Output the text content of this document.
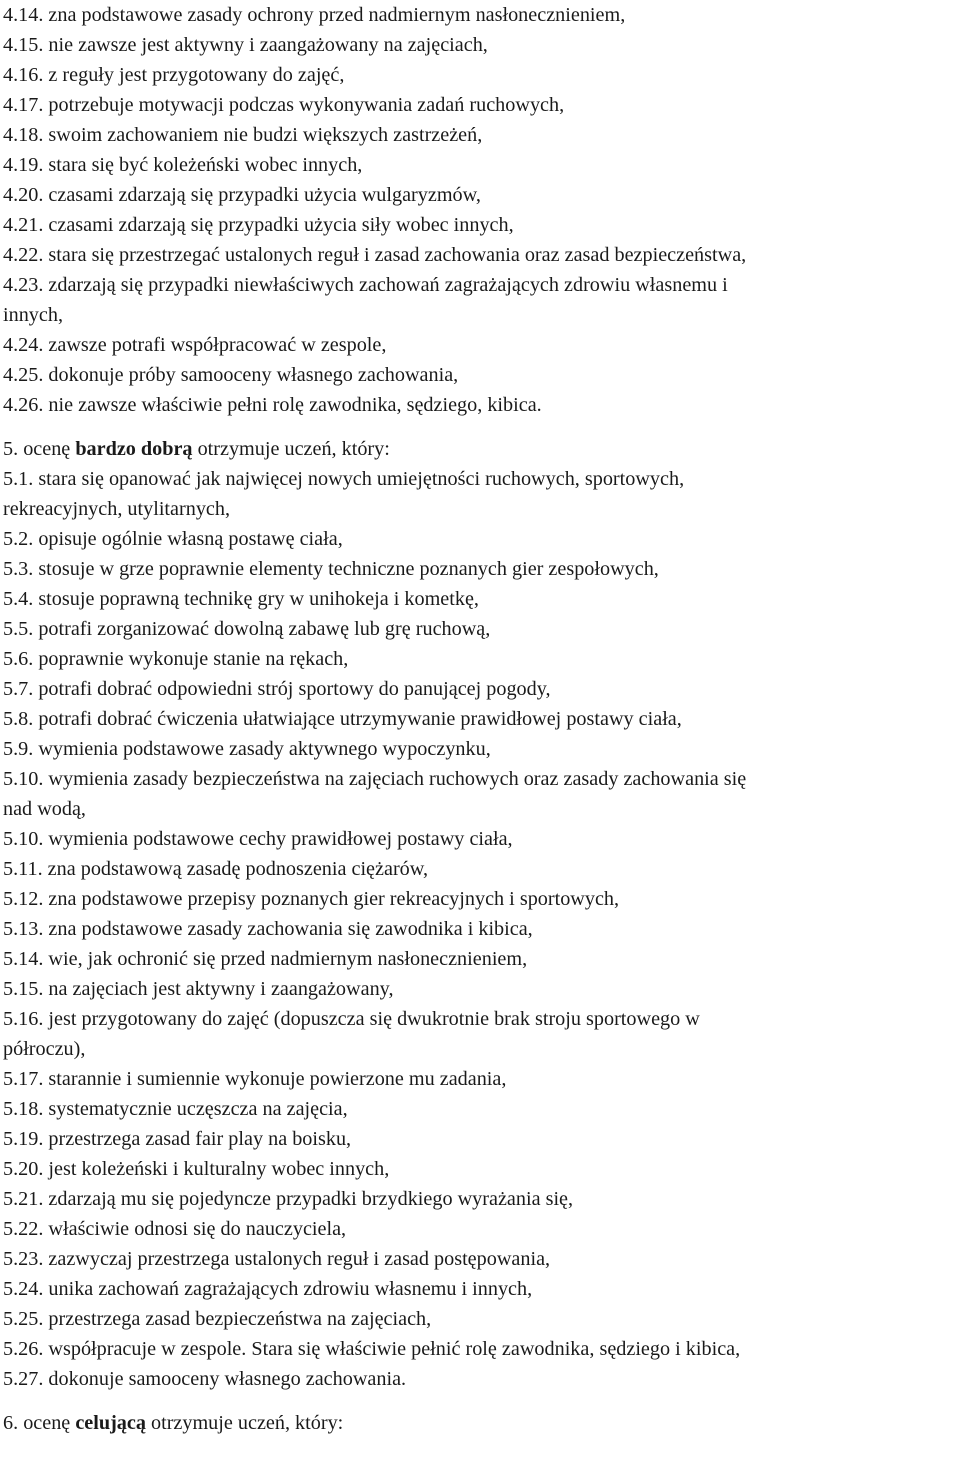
4.14. zna podstawowe zasady ochrony przed nadmiernym nasłonecznieniem,
4.15. nie zawsze jest aktywny i zaangażowany na zajęciach,
4.16. z reguły jest przygotowany do zajęć,
4.17. potrzebuje motywacji podczas wykonywania zadań ruchowych,
4.18. swoim zachowaniem nie budzi większych zastrzeżeń,
4.19. stara się być koleżeński wobec innych,
4.20. czasami zdarzają się przypadki użycia wulgaryzmów,
4.21. czasami zdarzają się przypadki użycia siły wobec innych,
4.22. stara się przestrzegać ustalonych reguł i zasad zachowania oraz zasad bezpieczeństwa,
4.23. zdarzają się przypadki niewłaściwych zachowań zagrażających zdrowiu własnemu i
innych,
4.24. zawsze potrafi współpracować w zespole,
4.25. dokonuje próby samooceny własnego zachowania,
4.26. nie zawsze właściwie pełni rolę zawodnika, sędziego, kibica.
5. ocenę bardzo dobrą otrzymuje uczeń, który:
5.1. stara się opanować jak najwięcej nowych umiejętności ruchowych, sportowych,
rekreacyjnych, utylitarnych,
5.2. opisuje ogólnie własną postawę ciała,
5.3. stosuje w grze poprawnie elementy techniczne poznanych gier zespołowych,
5.4. stosuje poprawną technikę gry w unihokeja i kometkę,
5.5. potrafi zorganizować dowolną zabawę lub grę ruchową,
5.6. poprawnie wykonuje stanie na rękach,
5.7. potrafi dobrać odpowiedni strój sportowy do panującej pogody,
5.8. potrafi dobrać ćwiczenia ułatwiające utrzymywanie prawidłowej postawy ciała,
5.9. wymienia podstawowe zasady aktywnego wypoczynku,
5.10. wymienia zasady bezpieczeństwa na zajęciach ruchowych oraz zasady zachowania się
nad wodą,
5.10. wymienia podstawowe cechy prawidłowej postawy ciała,
5.11. zna podstawową zasadę podnoszenia ciężarów,
5.12. zna podstawowe przepisy poznanych gier rekreacyjnych i sportowych,
5.13. zna podstawowe zasady zachowania się zawodnika i kibica,
5.14. wie, jak ochronić się przed nadmiernym nasłonecznieniem,
5.15. na zajęciach jest aktywny i zaangażowany,
5.16. jest przygotowany do zajęć (dopuszcza się dwukrotnie brak stroju sportowego w
półroczu),
5.17. starannie i sumiennie wykonuje powierzone mu zadania,
5.18. systematycznie uczęszcza na zajęcia,
5.19. przestrzega zasad fair play na boisku,
5.20. jest koleżeński i kulturalny wobec innych,
5.21. zdarzają mu się pojedyncze przypadki brzydkiego wyrażania się,
5.22. właściwie odnosi się do nauczyciela,
5.23. zazwyczaj przestrzega ustalonych reguł i zasad postępowania,
5.24. unika zachowań zagrażających zdrowiu własnemu i innych,
5.25. przestrzega zasad bezpieczeństwa na zajęciach,
5.26. współpracuje w zespole. Stara się właściwie pełnić rolę zawodnika, sędziego i kibica,
5.27. dokonuje samooceny własnego zachowania.
6. ocenę celującą otrzymuje uczeń, który:
